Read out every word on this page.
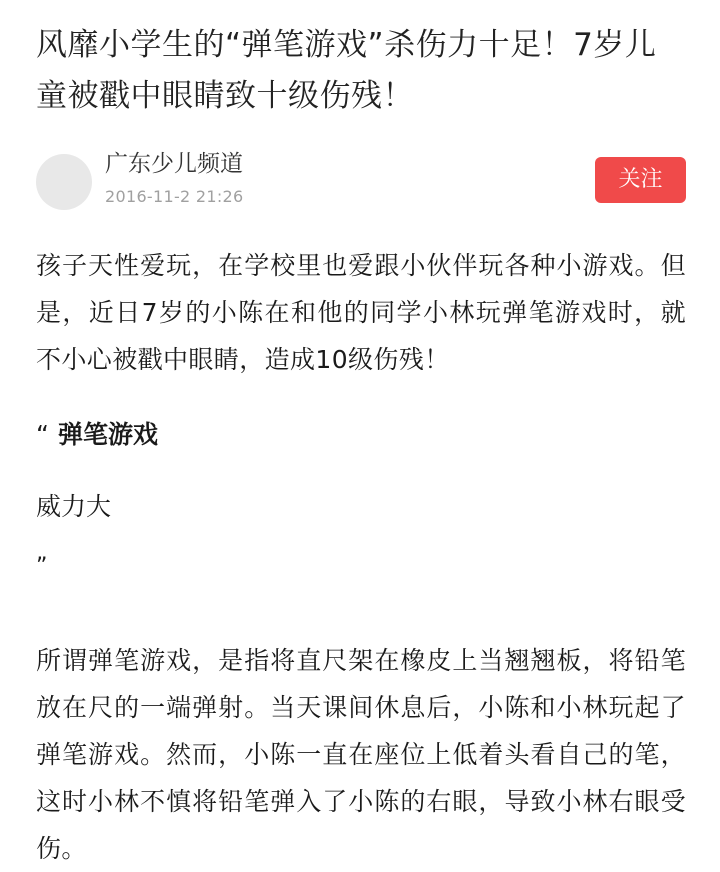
风靡小学生的“弹笔游戏”杀伤力十足！7岁儿童被戳中眼睛致十级伤残！
广东少儿频道
2016-11-2 21:26
关注

孩子天性爱玩，在学校里也爱跟小伙伴玩各种小游戏。但是，近日7岁的小陈在和他的同学小林玩弹笔游戏时，就不小心被戳中眼睛，造成10级伤残！

“ 弹笔游戏

威力大

”

所谓弹笔游戏，是指将直尺架在橡皮上当翘翘板，将铅笔放在尺的一端弹射。当天课间休息后，小陈和小林玩起了弹笔游戏。然而，小陈一直在座位上低着头看自己的笔，这时小林不慎将铅笔弹入了小陈的右眼，导致小林右眼受伤。
